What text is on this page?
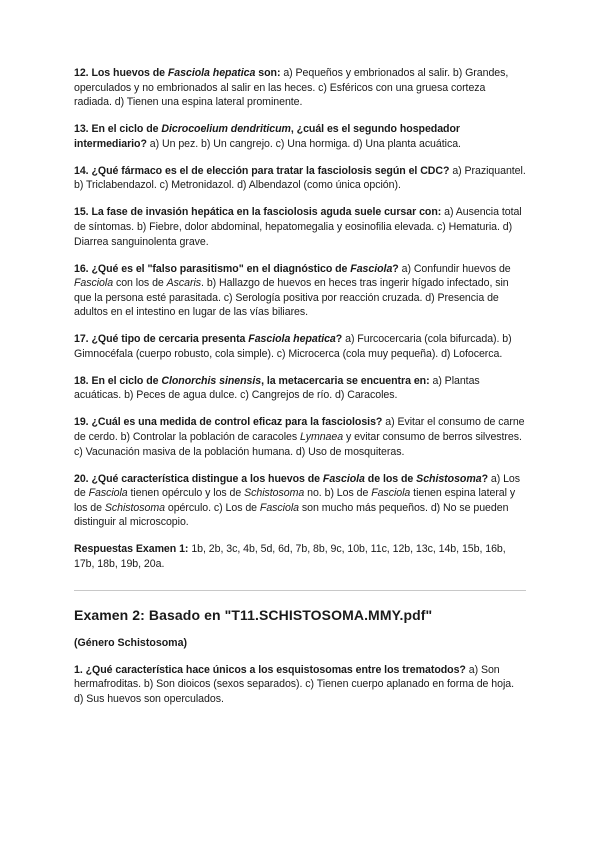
12. Los huevos de Fasciola hepatica son: a) Pequeños y embrionados al salir. b) Grandes, operculados y no embrionados al salir en las heces. c) Esféricos con una gruesa corteza radiada. d) Tienen una espina lateral prominente.

13. En el ciclo de Dicrocoelium dendriticum, ¿cuál es el segundo hospedador intermediario? a) Un pez. b) Un cangrejo. c) Una hormiga. d) Una planta acuática.

14. ¿Qué fármaco es el de elección para tratar la fasciolosis según el CDC? a) Praziquantel. b) Triclabendazol. c) Metronidazol. d) Albendazol (como única opción).

15. La fase de invasión hepática en la fasciolosis aguda suele cursar con: a) Ausencia total de síntomas. b) Fiebre, dolor abdominal, hepatomegalia y eosinofilia elevada. c) Hematuria. d) Diarrea sanguinolenta grave.

16. ¿Qué es el "falso parasitismo" en el diagnóstico de Fasciola? a) Confundir huevos de Fasciola con los de Ascaris. b) Hallazgo de huevos en heces tras ingerir hígado infectado, sin que la persona esté parasitada. c) Serología positiva por reacción cruzada. d) Presencia de adultos en el intestino en lugar de las vías biliares.

17. ¿Qué tipo de cercaria presenta Fasciola hepatica? a) Furcocercaria (cola bifurcada). b) Gimnocéfala (cuerpo robusto, cola simple). c) Microcerca (cola muy pequeña). d) Lofocerca.

18. En el ciclo de Clonorchis sinensis, la metacercaria se encuentra en: a) Plantas acuáticas. b) Peces de agua dulce. c) Cangrejos de río. d) Caracoles.

19. ¿Cuál es una medida de control eficaz para la fasciolosis? a) Evitar el consumo de carne de cerdo. b) Controlar la población de caracoles Lymnaea y evitar consumo de berros silvestres. c) Vacunación masiva de la población humana. d) Uso de mosquiteras.

20. ¿Qué característica distingue a los huevos de Fasciola de los de Schistosoma? a) Los de Fasciola tienen opérculo y los de Schistosoma no. b) Los de Fasciola tienen espina lateral y los de Schistosoma opérculo. c) Los de Fasciola son mucho más pequeños. d) No se pueden distinguir al microscopio.

Respuestas Examen 1: 1b, 2b, 3c, 4b, 5d, 6d, 7b, 8b, 9c, 10b, 11c, 12b, 13c, 14b, 15b, 16b, 17b, 18b, 19b, 20a.

Examen 2: Basado en "T11.SCHISTOSOMA.MMY.pdf"
(Género Schistosoma)

1. ¿Qué característica hace únicos a los esquistosomas entre los trematodos? a) Son hermafroditas. b) Son dioicos (sexos separados). c) Tienen cuerpo aplanado en forma de hoja. d) Sus huevos son operculados.
